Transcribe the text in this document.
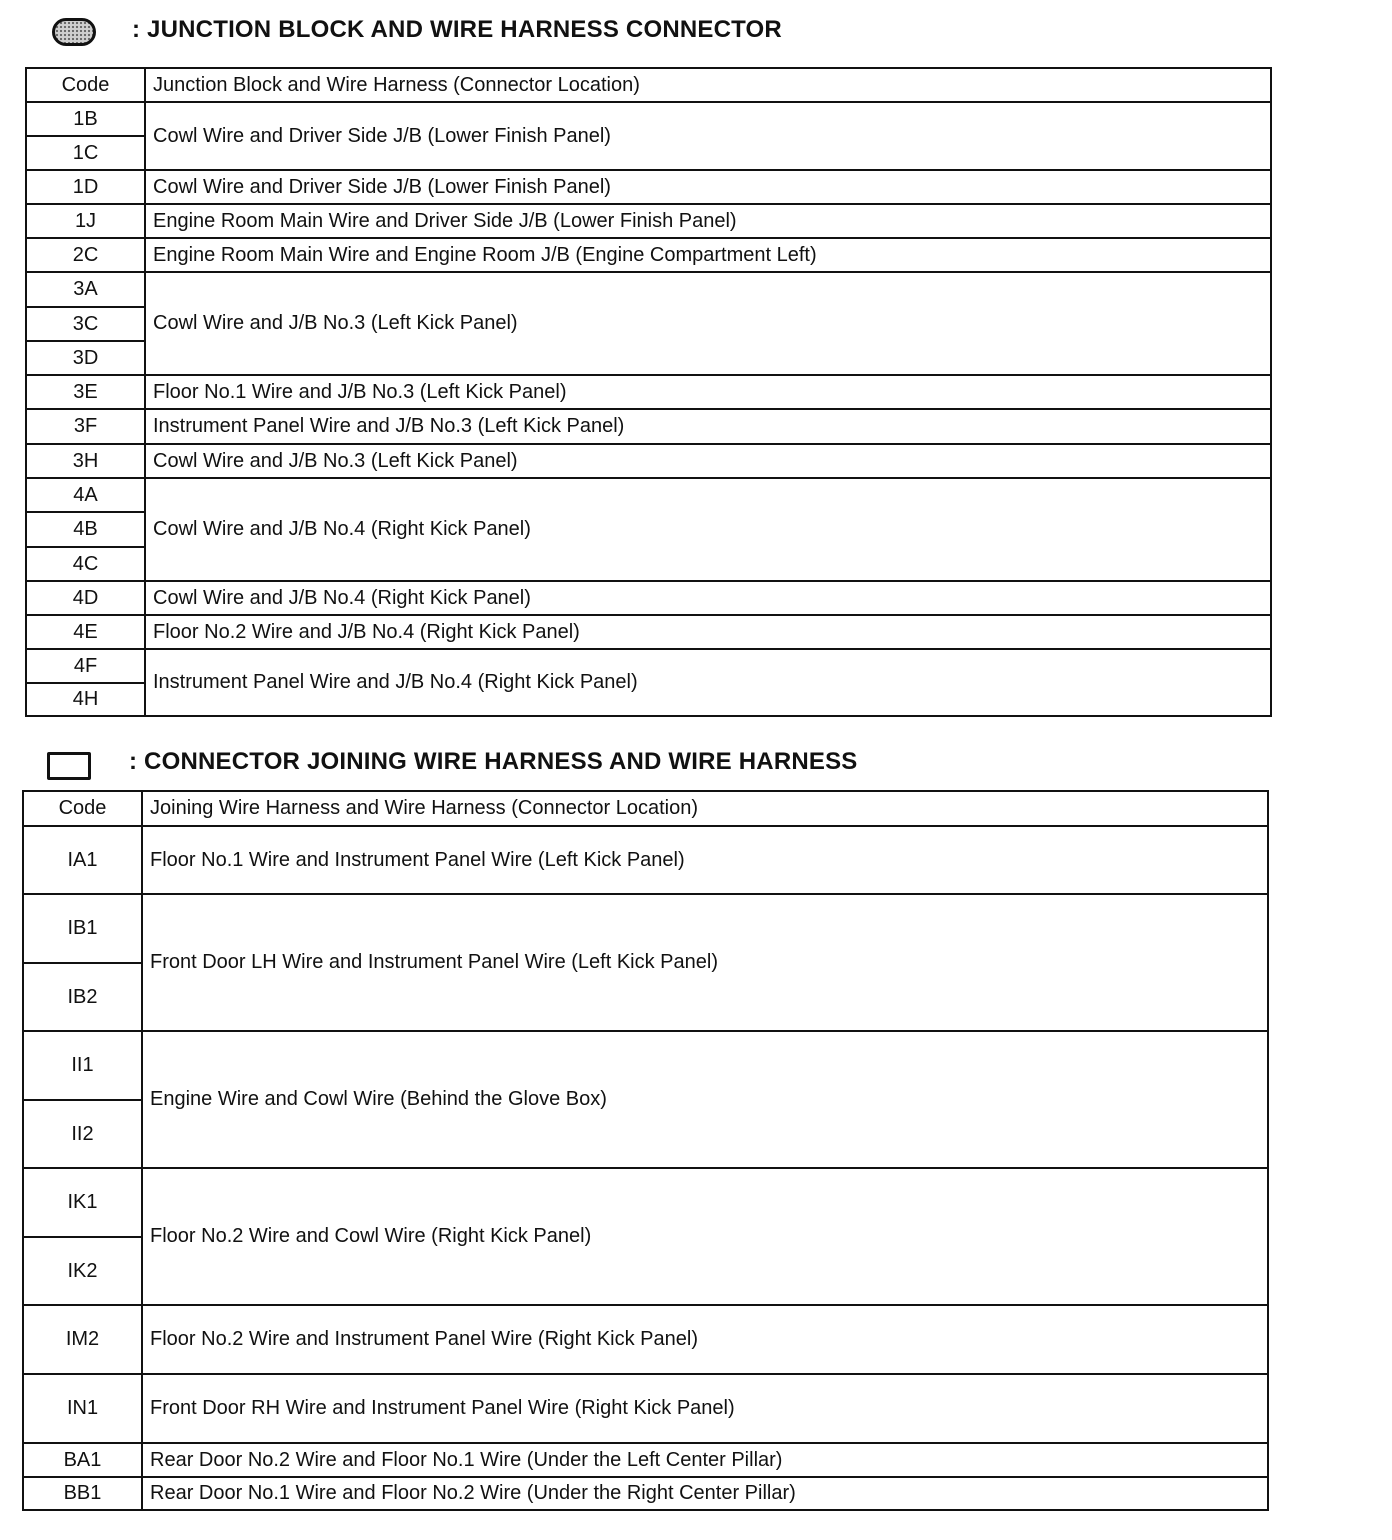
: JUNCTION BLOCK AND WIRE HARNESS CONNECTOR
Code	Junction Block and Wire Harness (Connector Location)
1B	Cowl Wire and Driver Side J/B (Lower Finish Panel)
1C	
1D	Cowl Wire and Driver Side J/B (Lower Finish Panel)
1J	Engine Room Main Wire and Driver Side J/B (Lower Finish Panel)
2C	Engine Room Main Wire and Engine Room J/B (Engine Compartment Left)
3A	Cowl Wire and J/B No.3 (Left Kick Panel)
3C	
3D	
3E	Floor No.1 Wire and J/B No.3 (Left Kick Panel)
3F	Instrument Panel Wire and J/B No.3 (Left Kick Panel)
3H	Cowl Wire and J/B No.3 (Left Kick Panel)
4A	Cowl Wire and J/B No.4 (Right Kick Panel)
4B	
4C	
4D	Cowl Wire and J/B No.4 (Right Kick Panel)
4E	Floor No.2 Wire and J/B No.4 (Right Kick Panel)
4F	Instrument Panel Wire and J/B No.4 (Right Kick Panel)
4H	
: CONNECTOR JOINING WIRE HARNESS AND WIRE HARNESS
Code	Joining Wire Harness and Wire Harness (Connector Location)
IA1	Floor No.1 Wire and Instrument Panel Wire (Left Kick Panel)
IB1	Front Door LH Wire and Instrument Panel Wire (Left Kick Panel)
IB2	
II1	Engine Wire and Cowl Wire (Behind the Glove Box)
II2	
IK1	Floor No.2 Wire and Cowl Wire (Right Kick Panel)
IK2	
IM2	Floor No.2 Wire and Instrument Panel Wire (Right Kick Panel)
IN1	Front Door RH Wire and Instrument Panel Wire (Right Kick Panel)
BA1	Rear Door No.2 Wire and Floor No.1 Wire (Under the Left Center Pillar)
BB1	Rear Door No.1 Wire and Floor No.2 Wire (Under the Right Center Pillar)
